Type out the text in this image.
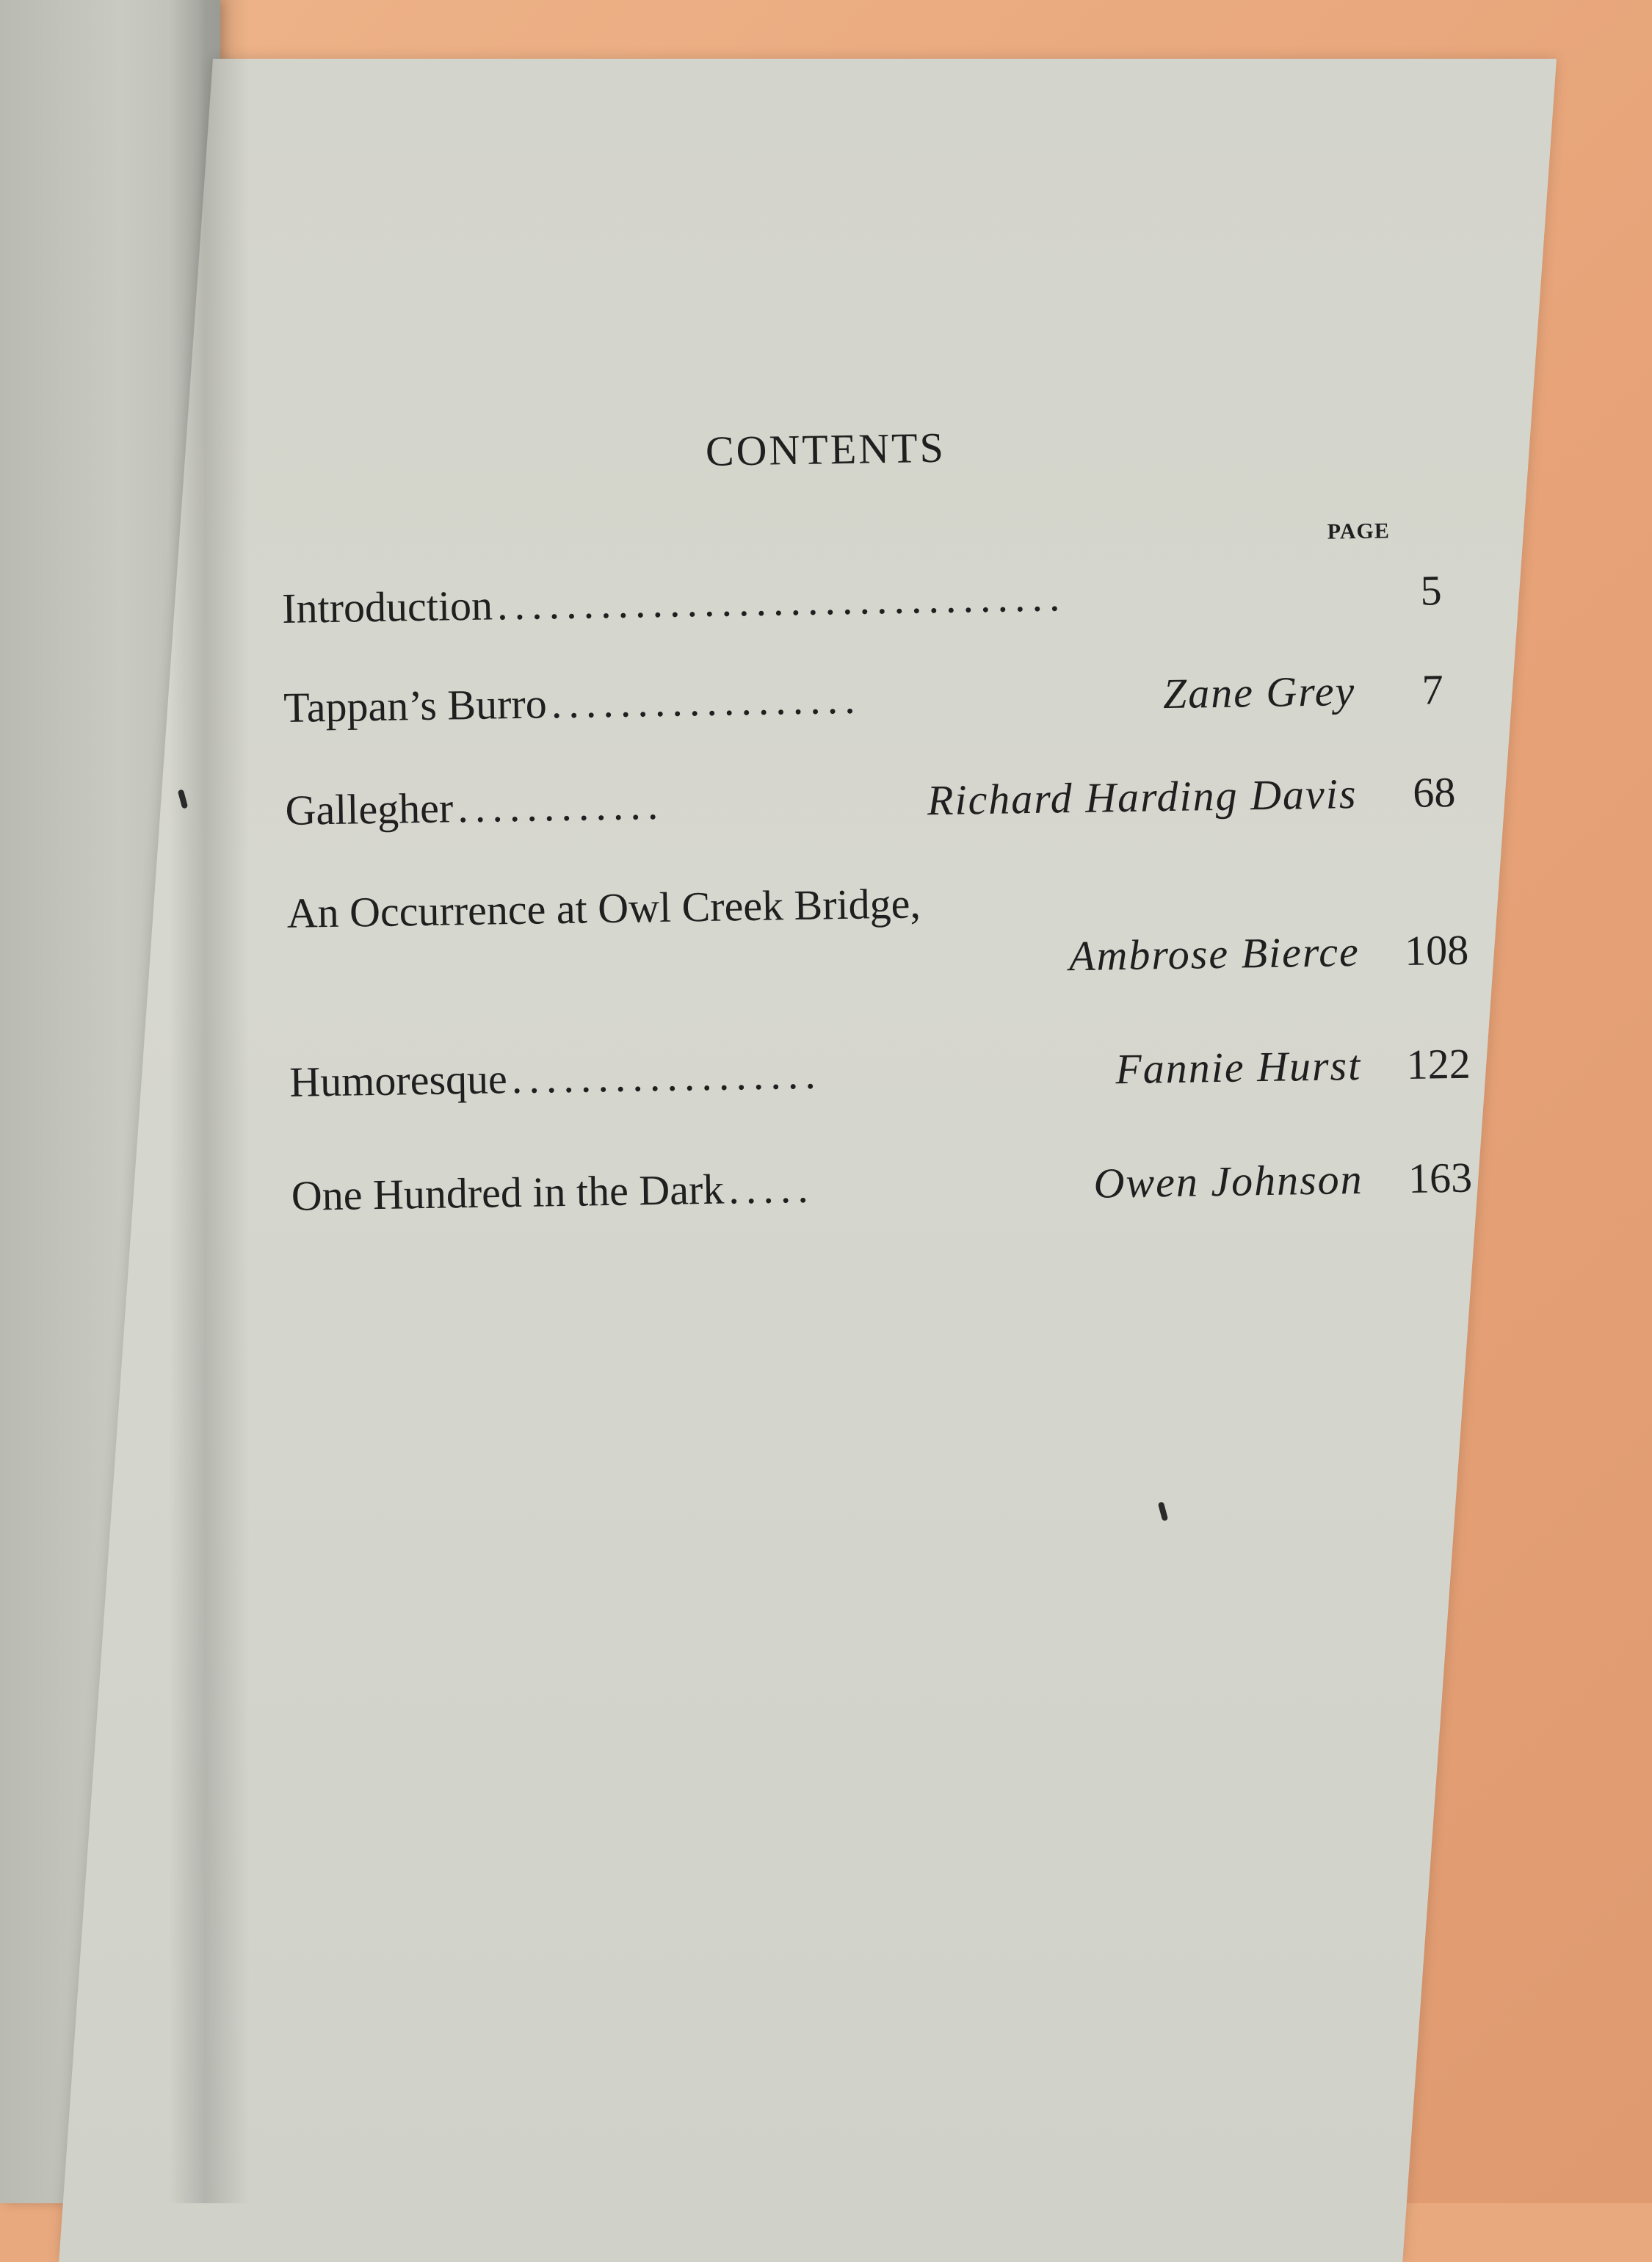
CONTENTS
PAGE
Introduction .................................	5
Tappan’s Burro ..................	Zane Grey	7
Gallegher ............	Richard Harding Davis	68
An Occurrence at Owl Creek Bridge,
Ambrose Bierce 108
Humoresque ..................	Fannie Hurst 122
One Hundred in the Dark .....	Owen Johnson 163
